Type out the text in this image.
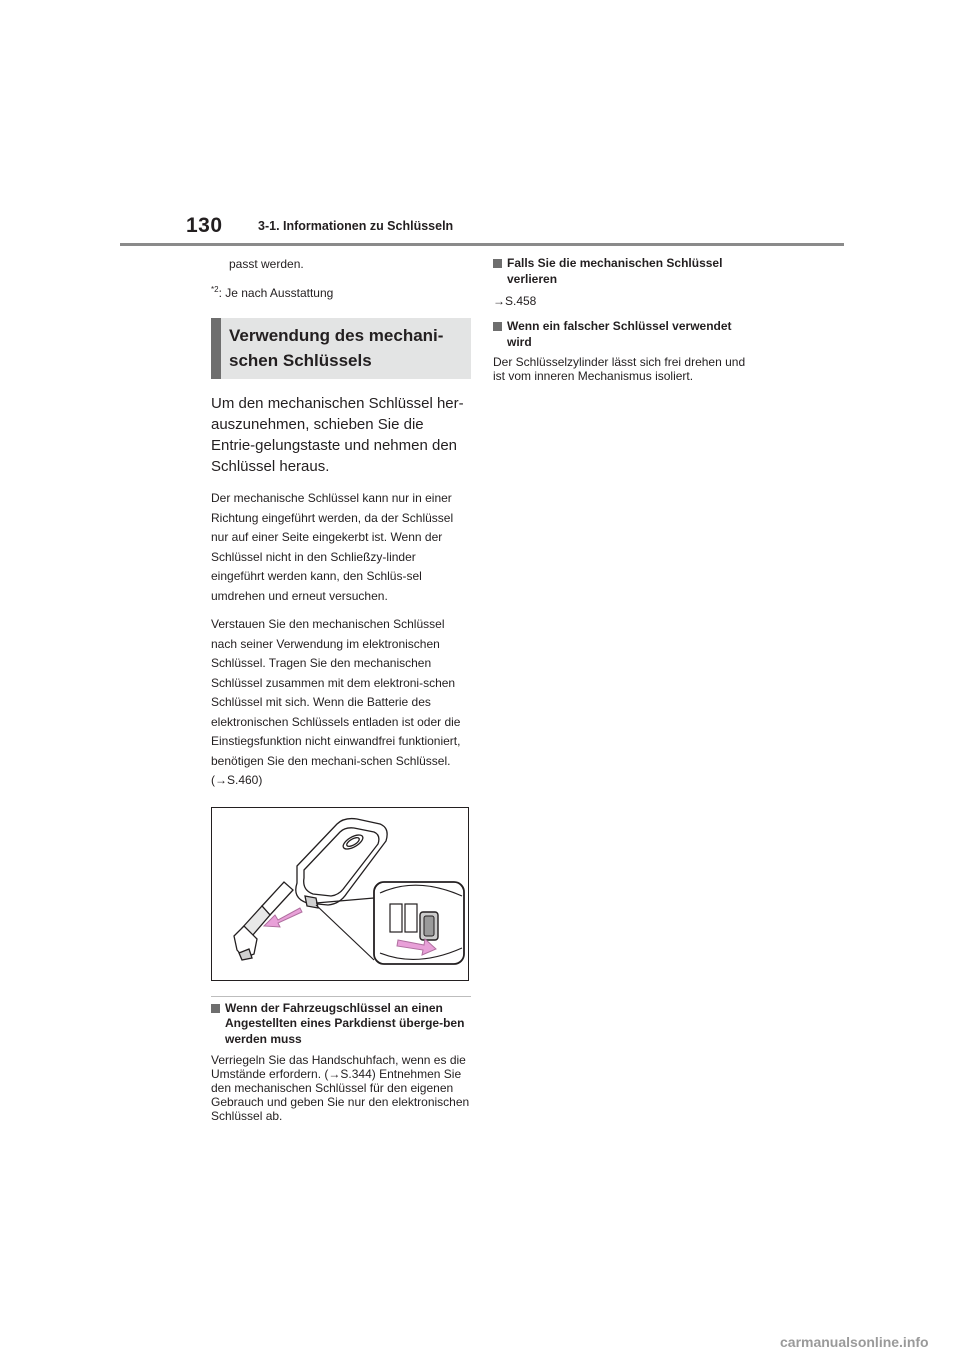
130	3-1. Informationen zu Schlüsseln
passt werden.
$^{*2}$: Je nach Ausstattung
Verwendung des mechani-
schen Schlüssels
Um den mechanischen Schlüssel her-auszunehmen, schieben Sie die Entrie-gelungstaste und nehmen den Schlüssel heraus.
Der mechanische Schlüssel kann nur in einer Richtung eingeführt werden, da der Schlüssel nur auf einer Seite eingekerbt ist. Wenn der Schlüssel nicht in den Schließzy-linder eingeführt werden kann, den Schlüs-sel umdrehen und erneut versuchen.
Verstauen Sie den mechanischen Schlüssel nach seiner Verwendung im elektronischen Schlüssel. Tragen Sie den mechanischen Schlüssel zusammen mit dem elektroni-schen Schlüssel mit sich. Wenn die Batterie des elektronischen Schlüssels entladen ist oder die Einstiegsfunktion nicht einwandfrei funktioniert, benötigen Sie den mechani-schen Schlüssel. (→S.460)
Wenn der Fahrzeugschlüssel an einen Angestellten eines Parkdienst überge-ben werden muss
Verriegeln Sie das Handschuhfach, wenn es die Umstände erfordern. (→S.344) Entnehmen Sie den mechanischen Schlüssel für den eigenen Gebrauch und geben Sie nur den elektronischen Schlüssel ab.
Falls Sie die mechanischen Schlüssel verlieren
→S.458
Wenn ein falscher Schlüssel verwendet wird
Der Schlüsselzylinder lässt sich frei drehen und ist vom inneren Mechanismus isoliert.
carmanualsonline.info
